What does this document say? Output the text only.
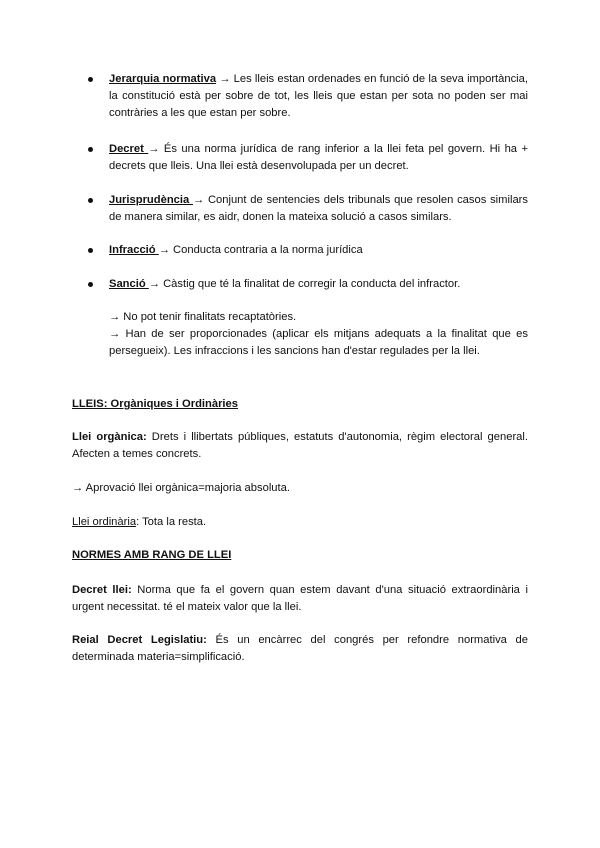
Jerarquia normativa → Les lleis estan ordenades en funció de la seva importància, la constitució està per sobre de tot, les lleis que estan per sota no poden ser mai contràries a les que estan per sobre.
Decret → És una norma jurídica de rang inferior a la llei feta pel govern. Hi ha + decrets que lleis. Una llei està desenvolupada per un decret.
Jurisprudència → Conjunt de sentencies dels tribunals que resolen casos similars de manera similar, es aidr, donen la mateixa solució a casos similars.
Infracció → Conducta contraria a la norma jurídica
Sanció → Càstig que té la finalitat de corregir la conducta del infractor.
→ No pot tenir finalitats recaptatòries.
→ Han de ser proporcionades (aplicar els mitjans adequats a la finalitat que es persegueix). Les infraccions i les sancions han d'estar regulades per la llei.
LLEIS: Orgàniques i Ordinàries
Llei orgànica: Drets i llibertats públiques, estatuts d'autonomia, règim electoral general. Afecten a temes concrets.
→ Aprovació llei orgànica=majoria absoluta.
Llei ordinària: Tota la resta.
NORMES AMB RANG DE LLEI
Decret llei: Norma que fa el govern quan estem davant d'una situació extraordinària i urgent necessitat. té el mateix valor que la llei.
Reial Decret Legislatiu: És un encàrrec del congrés per refondre normativa de determinada materia=simplificació.
